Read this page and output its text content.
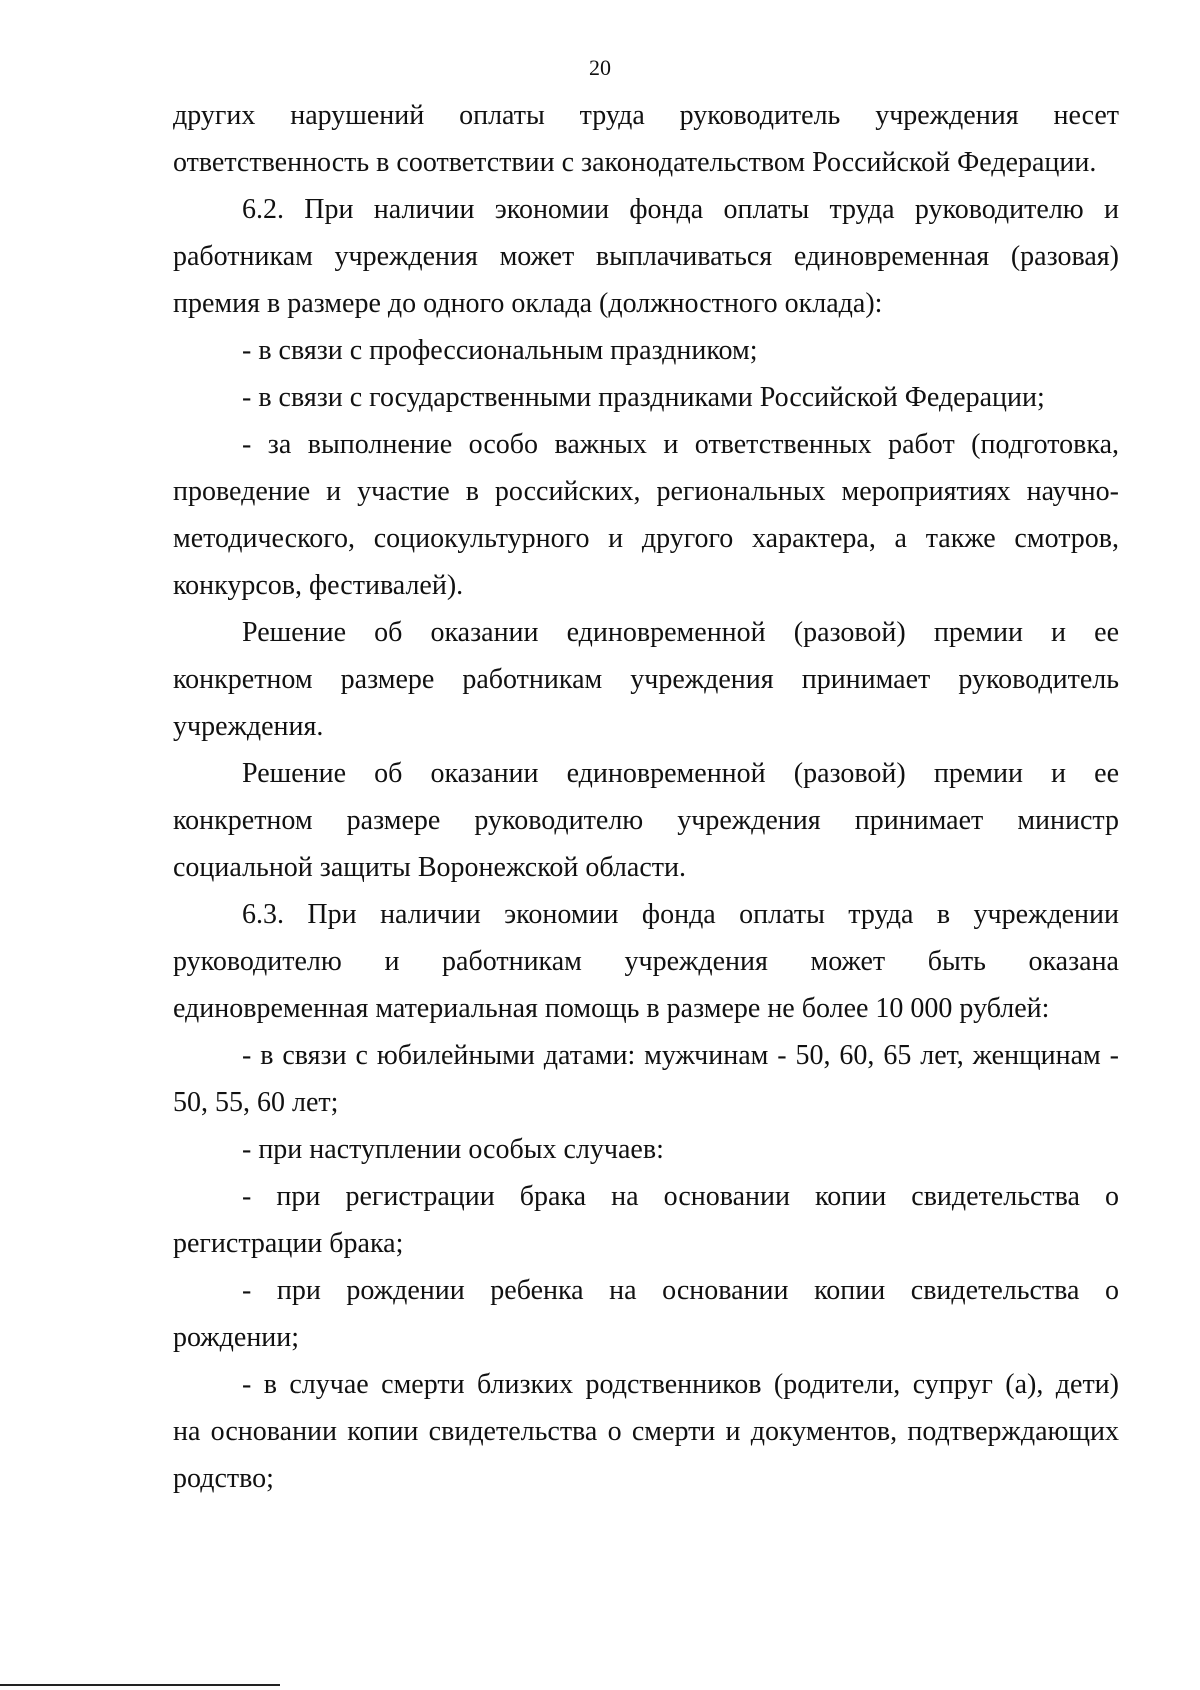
20
других нарушений оплаты труда руководитель учреждения несет
ответственность в соответствии с законодательством Российской Федерации.
6.2. При наличии экономии фонда оплаты труда руководителю и
работникам учреждения может выплачиваться единовременная (разовая)
премия в размере до одного оклада (должностного оклада):
- в связи с профессиональным праздником;
- в связи с государственными праздниками Российской Федерации;
- за выполнение особо важных и ответственных работ (подготовка,
проведение и участие в российских, региональных мероприятиях научно-
методического, социокультурного и другого характера, а также смотров,
конкурсов, фестивалей).
Решение об оказании единовременной (разовой) премии и ее
конкретном размере работникам учреждения принимает руководитель
учреждения.
Решение об оказании единовременной (разовой) премии и ее
конкретном размере руководителю учреждения принимает министр
социальной защиты Воронежской области.
6.3. При наличии экономии фонда оплаты труда в учреждении
руководителю и работникам учреждения может быть оказана
единовременная материальная помощь в размере не более 10 000 рублей:
- в связи с юбилейными датами: мужчинам - 50, 60, 65 лет, женщинам -
50, 55, 60 лет;
- при наступлении особых случаев:
- при регистрации брака на основании копии свидетельства о
регистрации брака;
- при рождении ребенка на основании копии свидетельства о
рождении;
- в случае смерти близких родственников (родители, супруг (а), дети)
на основании копии свидетельства о смерти и документов, подтверждающих
родство;
